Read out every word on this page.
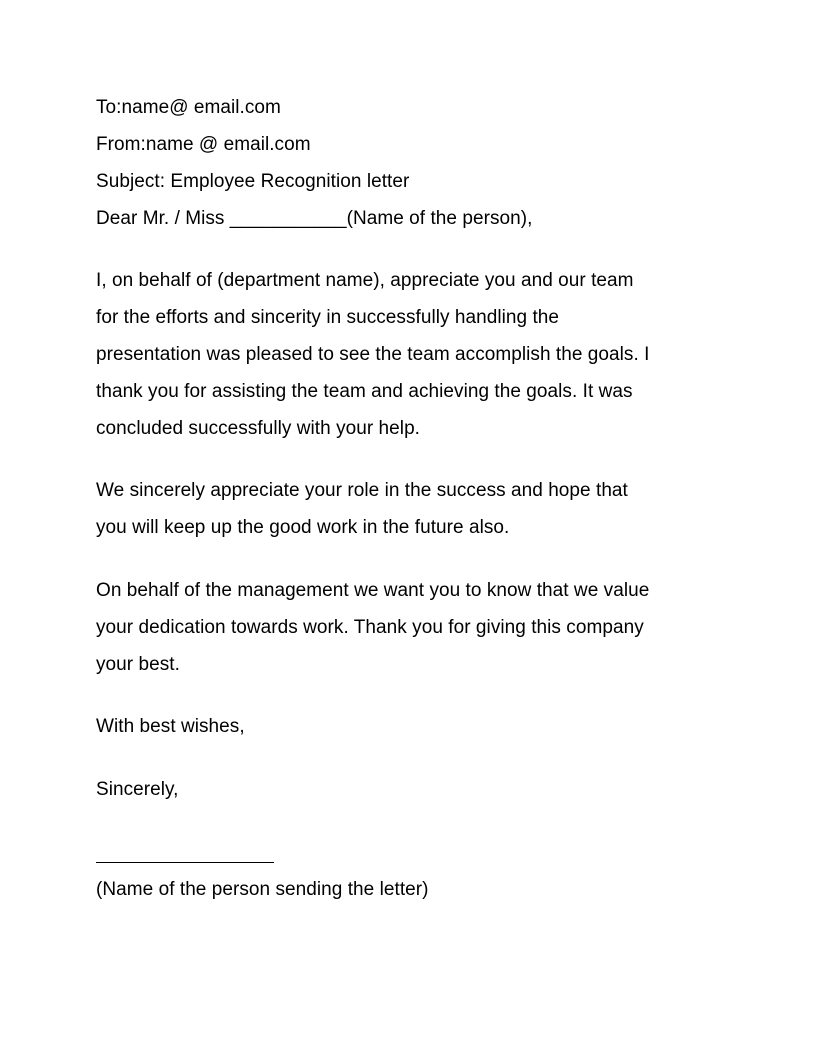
To:name@ email.com
From:name @ email.com
Subject: Employee Recognition letter
Dear Mr. / Miss ___________(Name of the person),
I, on behalf of (department name), appreciate you and our team
for the efforts and sincerity in successfully handling the
presentation was pleased to see the team accomplish the goals. I
thank you for assisting the team and achieving the goals. It was
concluded successfully with your help.
We sincerely appreciate your role in the success and hope that
you will keep up the good work in the future also.
On behalf of the management we want you to know that we value
your dedication towards work. Thank you for giving this company
your best.
With best wishes,
Sincerely,
(Name of the person sending the letter)
